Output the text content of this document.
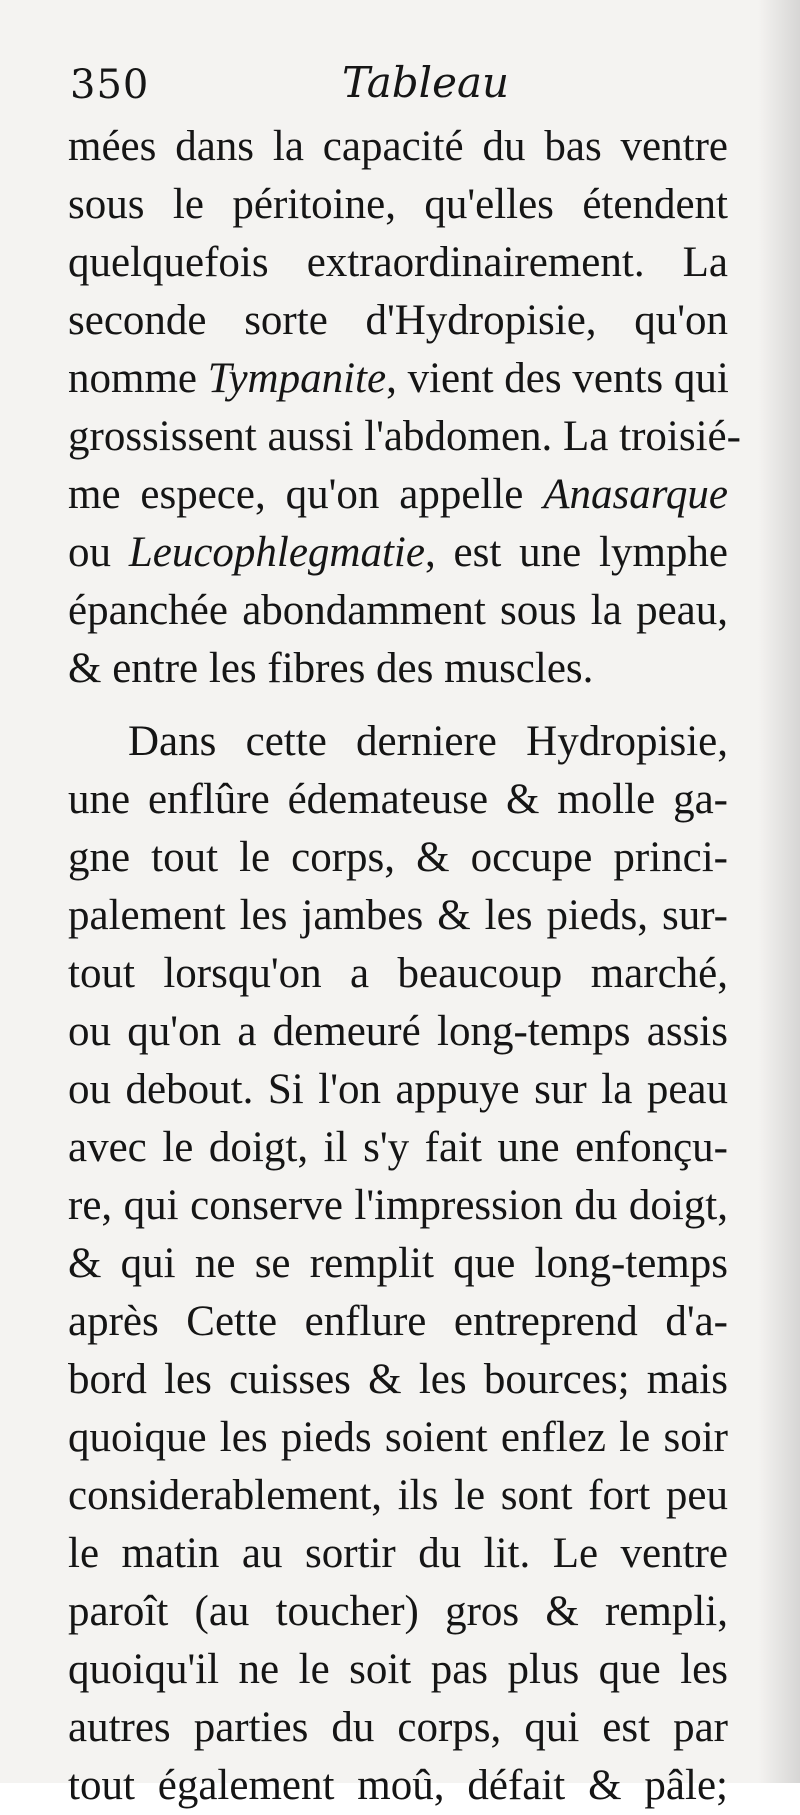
350	Tableau
mées dans la capacité du bas ventre
sous le péritoine, qu'elles étendent
quelquefois extraordinairement. La
seconde sorte d'Hydropisie, qu'on
nomme Tympanite, vient des vents qui
grossissent aussi l'abdomen. La troisié-
me espece, qu'on appelle Anasarque
ou Leucophlegmatie, est une lymphe
épanchée abondamment sous la peau,
& entre les fibres des muscles.
Dans cette derniere Hydropisie,
une enflûre édemateuse & molle ga-
gne tout le corps, & occupe princi-
palement les jambes & les pieds, sur-
tout lorsqu'on a beaucoup marché,
ou qu'on a demeuré long-temps assis
ou debout. Si l'on appuye sur la peau
avec le doigt, il s'y fait une enfonçu-
re, qui conserve l'impression du doigt,
& qui ne se remplit que long-temps
après Cette enflure entreprend d'a-
bord les cuisses & les bources; mais
quoique les pieds soient enflez le soir
considerablement, ils le sont fort peu
le matin au sortir du lit. Le ventre
paroît (au toucher) gros & rempli,
quoiqu'il ne le soit pas plus que les
autres parties du corps, qui est par
tout également moû, défait & pâle;
